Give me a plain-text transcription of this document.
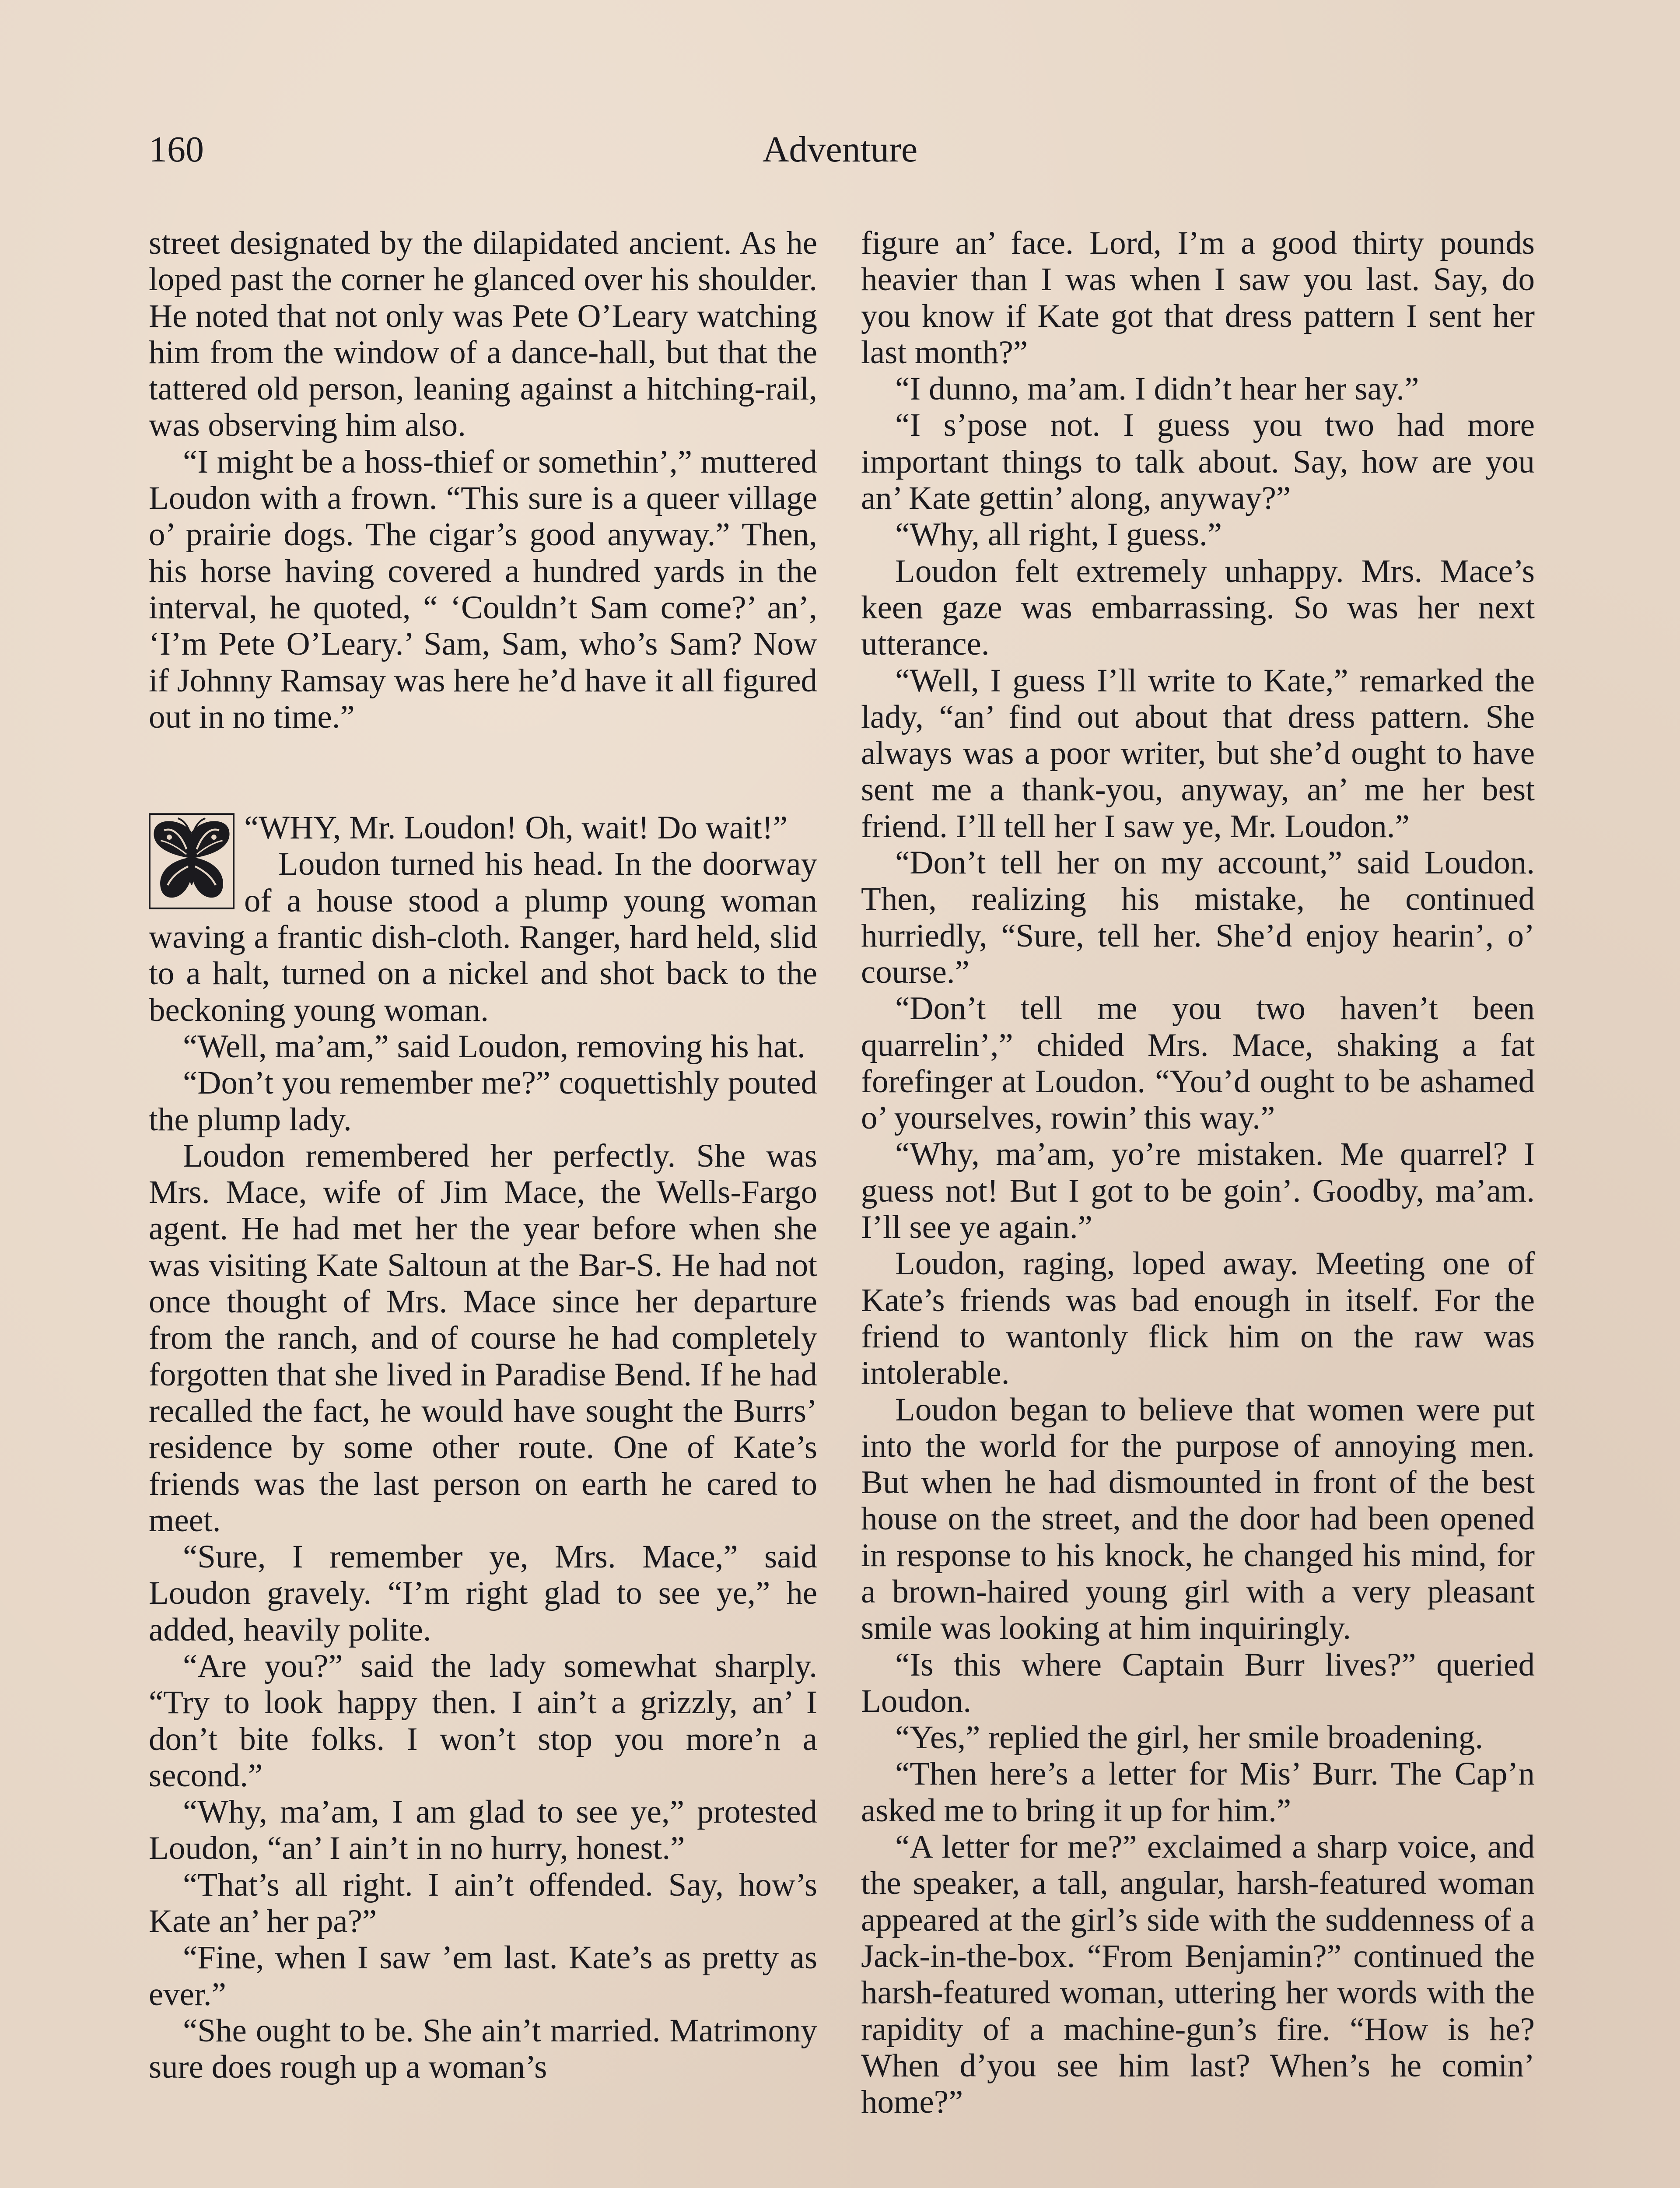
160	Adventure

street designated by the dilapidated ancient. As he loped past the corner he glanced over his shoulder. He noted that not only was Pete O’Leary watching him from the window of a dance-hall, but that the tattered old person, leaning against a hitching-rail, was observing him also.

“I might be a hoss-thief or somethin’,” muttered Loudon with a frown. “This sure is a queer village o’ prairie dogs. The cigar’s good anyway.” Then, his horse having covered a hundred yards in the interval, he quoted, “ ‘Couldn’t Sam come?’ an’, ‘I’m Pete O’Leary.’ Sam, Sam, who’s Sam? Now if Johnny Ramsay was here he’d have it all figured out in no time.”

“WHY, Mr. Loudon! Oh, wait! Do wait!”

Loudon turned his head. In the doorway of a house stood a plump young woman waving a frantic dish-cloth. Ranger, hard held, slid to a halt, turned on a nickel and shot back to the beckoning young woman.

“Well, ma’am,” said Loudon, removing his hat.

“Don’t you remember me?” coquettishly pouted the plump lady.

Loudon remembered her perfectly. She was Mrs. Mace, wife of Jim Mace, the Wells-Fargo agent. He had met her the year before when she was visiting Kate Saltoun at the Bar-S. He had not once thought of Mrs. Mace since her departure from the ranch, and of course he had completely forgotten that she lived in Paradise Bend. If he had recalled the fact, he would have sought the Burrs’ residence by some other route. One of Kate’s friends was the last person on earth he cared to meet.

“Sure, I remember ye, Mrs. Mace,” said Loudon gravely. “I’m right glad to see ye,” he added, heavily polite.

“Are you?” said the lady somewhat sharply. “Try to look happy then. I ain’t a grizzly, an’ I don’t bite folks. I won’t stop you more’n a second.”

“Why, ma’am, I am glad to see ye,” protested Loudon, “an’ I ain’t in no hurry, honest.”

“That’s all right. I ain’t offended. Say, how’s Kate an’ her pa?”

“Fine, when I saw ’em last. Kate’s as pretty as ever.”

“She ought to be. She ain’t married. Matrimony sure does rough up a woman’s

figure an’ face. Lord, I’m a good thirty pounds heavier than I was when I saw you last. Say, do you know if Kate got that dress pattern I sent her last month?”

“I dunno, ma’am. I didn’t hear her say.”

“I s’pose not. I guess you two had more important things to talk about. Say, how are you an’ Kate gettin’ along, anyway?”

“Why, all right, I guess.”

Loudon felt extremely unhappy. Mrs. Mace’s keen gaze was embarrassing. So was her next utterance.

“Well, I guess I’ll write to Kate,” remarked the lady, “an’ find out about that dress pattern. She always was a poor writer, but she’d ought to have sent me a thank-you, anyway, an’ me her best friend. I’ll tell her I saw ye, Mr. Loudon.”

“Don’t tell her on my account,” said Loudon. Then, realizing his mistake, he continued hurriedly, “Sure, tell her. She’d enjoy hearin’, o’ course.”

“Don’t tell me you two haven’t been quarrelin’,” chided Mrs. Mace, shaking a fat forefinger at Loudon. “You’d ought to be ashamed o’ yourselves, rowin’ this way.”

“Why, ma’am, yo’re mistaken. Me quarrel? I guess not! But I got to be goin’. Goodby, ma’am. I’ll see ye again.”

Loudon, raging, loped away. Meeting one of Kate’s friends was bad enough in itself. For the friend to wantonly flick him on the raw was intolerable.

Loudon began to believe that women were put into the world for the purpose of annoying men. But when he had dismounted in front of the best house on the street, and the door had been opened in response to his knock, he changed his mind, for a brown-haired young girl with a very pleasant smile was looking at him inquiringly.

“Is this where Captain Burr lives?” queried Loudon.

“Yes,” replied the girl, her smile broadening.

“Then here’s a letter for Mis’ Burr. The Cap’n asked me to bring it up for him.”

“A letter for me?” exclaimed a sharp voice, and the speaker, a tall, angular, harsh-featured woman appeared at the girl’s side with the suddenness of a Jack-in-the-box. “From Benjamin?” continued the harsh-featured woman, uttering her words with the rapidity of a machine-gun’s fire. “How is he? When d’you see him last? When’s he comin’ home?”
